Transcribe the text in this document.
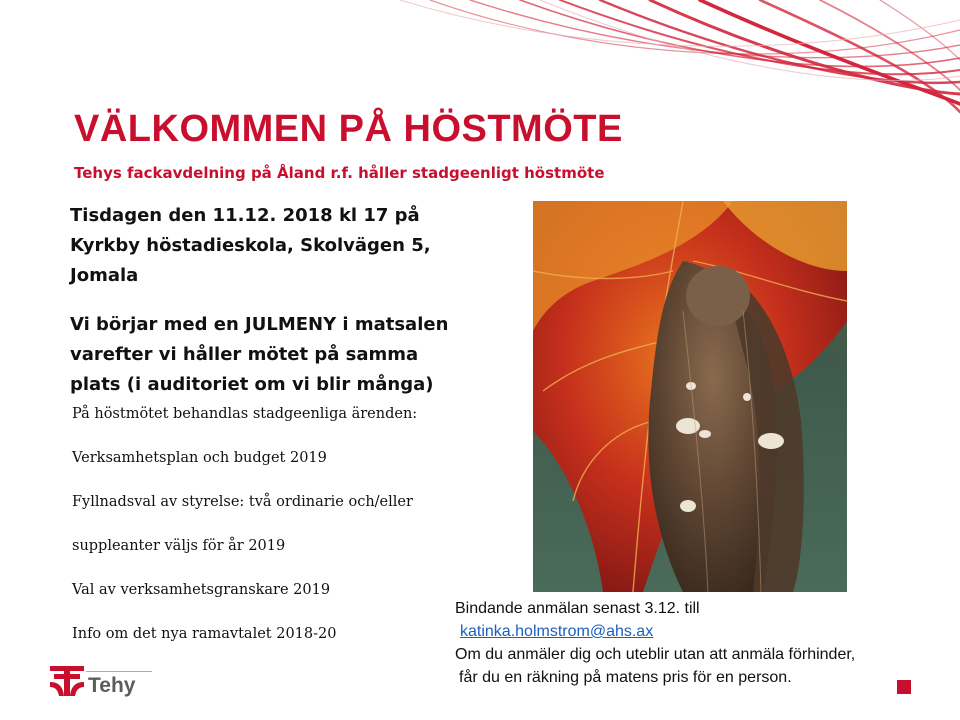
VÄLKOMMEN PÅ HÖSTMÖTE
Tehys fackavdelning på Åland r.f. håller stadgeenligt höstmöte
Tisdagen den 11.12. 2018 kl 17 på
Kyrkby höstadieskola, Skolvägen 5,
Jomala
Vi börjar med en JULMENY i matsalen
varefter vi håller mötet på samma
plats (i auditoriet om vi blir många)
På höstmötet behandlas stadgeenliga ärenden:
Verksamhetsplan och budget 2019
Fyllnadsval av styrelse: två ordinarie och/eller
suppleanter väljs för år 2019
Val av verksamhetsgranskare 2019
Info om det nya ramavtalet 2018-20
Bindande anmälan senast 3.12. till
katinka.holmstrom@ahs.ax
Om du anmäler dig och uteblir utan att anmäla förhinder,
får du en räkning på matens pris för en person.
Tehy
